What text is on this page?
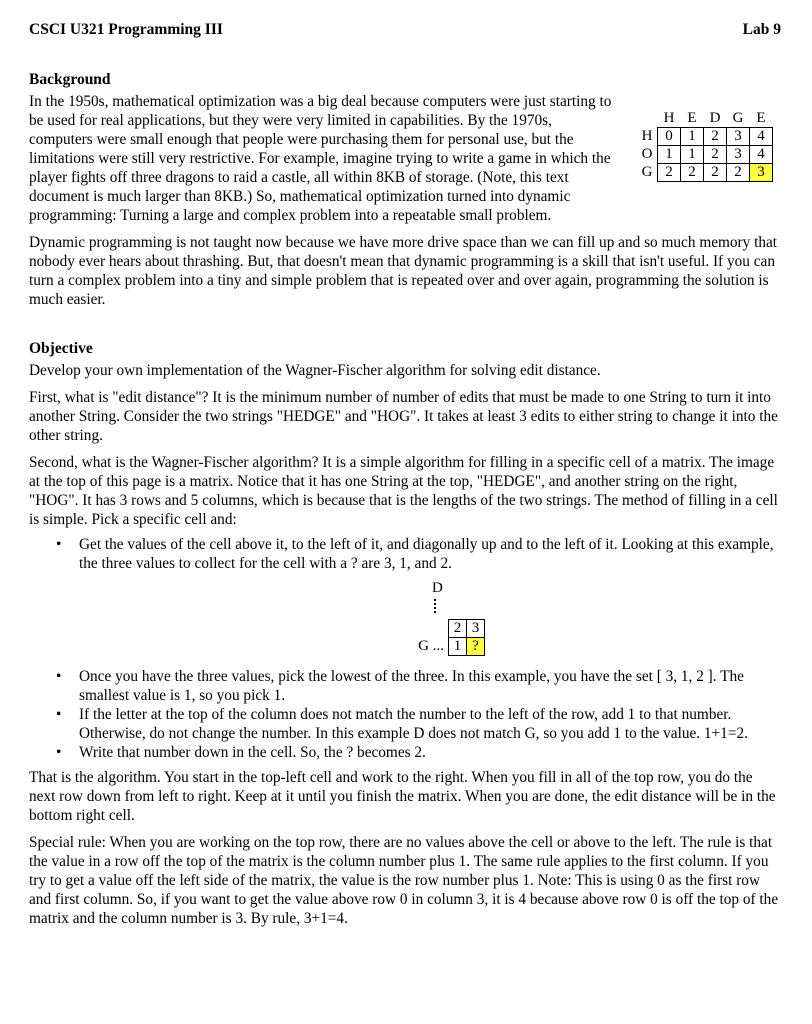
CSCI U321 Programming III	Lab 9
Background

In the 1950s, mathematical optimization was a big deal because computers were just starting to be used for real applications, but they were very limited in capabilities. By the 1970s, computers were small enough that people were purchasing them for personal use, but the limitations were still very restrictive. For example, imagine trying to write a game in which the player fights off three dragons to raid a castle, all within 8KB of storage. (Note, this text document is much larger than 8KB.) So, mathematical optimization turned into dynamic programming: Turning a large and complex problem into a repeatable small problem.

	H	E	D	G	E
H	0	1	2	3	4
O	1	1	2	3	4
G	2	2	2	2	3

Dynamic programming is not taught now because we have more drive space than we can fill up and so much memory that nobody ever hears about thrashing. But, that doesn't mean that dynamic programming is a skill that isn't useful. If you can turn a complex problem into a tiny and simple problem that is repeated over and over again, programming the solution is much easier.

Objective

Develop your own implementation of the Wagner-Fischer algorithm for solving edit distance.

First, what is "edit distance"? It is the minimum number of number of edits that must be made to one String to turn it into another String. Consider the two strings "HEDGE" and "HOG". It takes at least 3 edits to either string to change it into the other string.

Second, what is the Wagner-Fischer algorithm? It is a simple algorithm for filling in a specific cell of a matrix. The image at the top of this page is a matrix. Notice that it has one String at the top, "HEDGE", and another string on the right, "HOG". It has 3 rows and 5 columns, which is because that is the lengths of the two strings. The method of filling in a cell is simple. Pick a specific cell and:

• Get the values of the cell above it, to the left of it, and diagonally up and to the left of it. Looking at this example, the three values to collect for the cell with a ? are 3, 1, and 2.
D
	2	3
G ...	1	?
• Once you have the three values, pick the lowest of the three. In this example, you have the set [ 3, 1, 2 ]. The smallest value is 1, so you pick 1.
• If the letter at the top of the column does not match the number to the left of the row, add 1 to that number. Otherwise, do not change the number. In this example D does not match G, so you add 1 to the value. 1+1=2.
• Write that number down in the cell. So, the ? becomes 2.

That is the algorithm. You start in the top-left cell and work to the right. When you fill in all of the top row, you do the next row down from left to right. Keep at it until you finish the matrix. When you are done, the edit distance will be in the bottom right cell.

Special rule: When you are working on the top row, there are no values above the cell or above to the left. The rule is that the value in a row off the top of the matrix is the column number plus 1. The same rule applies to the first column. If you try to get a value off the left side of the matrix, the value is the row number plus 1. Note: This is using 0 as the first row and first column. So, if you want to get the value above row 0 in column 3, it is 4 because above row 0 is off the top of the matrix and the column number is 3. By rule, 3+1=4.
